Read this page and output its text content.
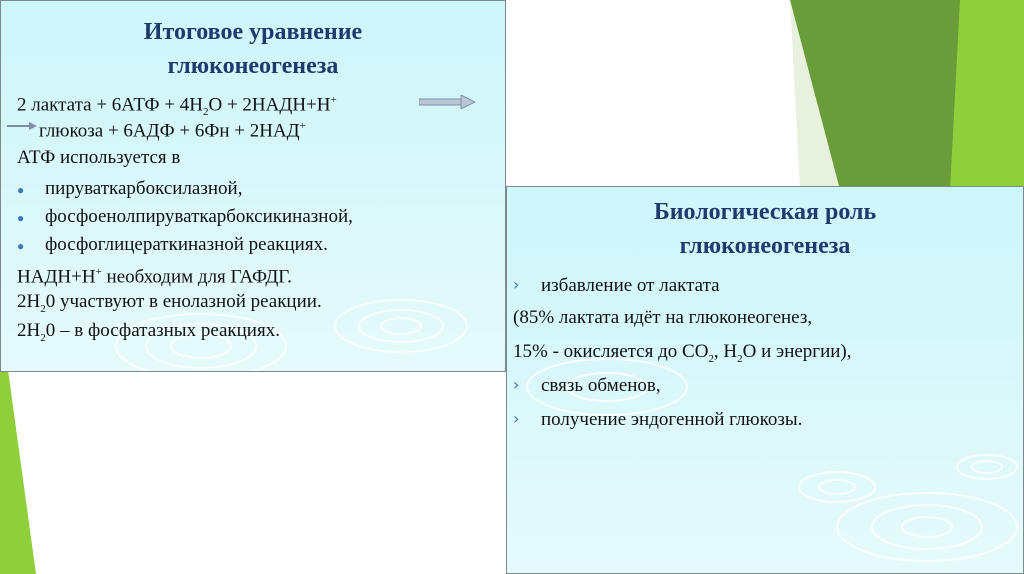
Итоговое уравнение
глюконеогенеза
2 лактата + $6АТФ + 4Н_2О$ + 2НАДН+Н+
глюкоза + 6АДФ + 6Фн + 2НАД+
АТФ используется в
● пируваткарбоксилазной,
● фосфоенолпируваткарбоксикиназной,
● фосфоглицераткиназной реакциях.
НАДН+Н+ необходим для ГАФДГ.
$2Н_20$ участвуют в енолазной реакции.
$2Н_20$ – в фосфатазных реакциях.
Биологическая роль
глюконеогенеза
› избавление от лактата
(85% лактата идёт на глюконеогенез,
15% - окисляется до $СО_2$, $Н_2О$ и энергии),
› связь обменов,
› получение эндогенной глюкозы.
